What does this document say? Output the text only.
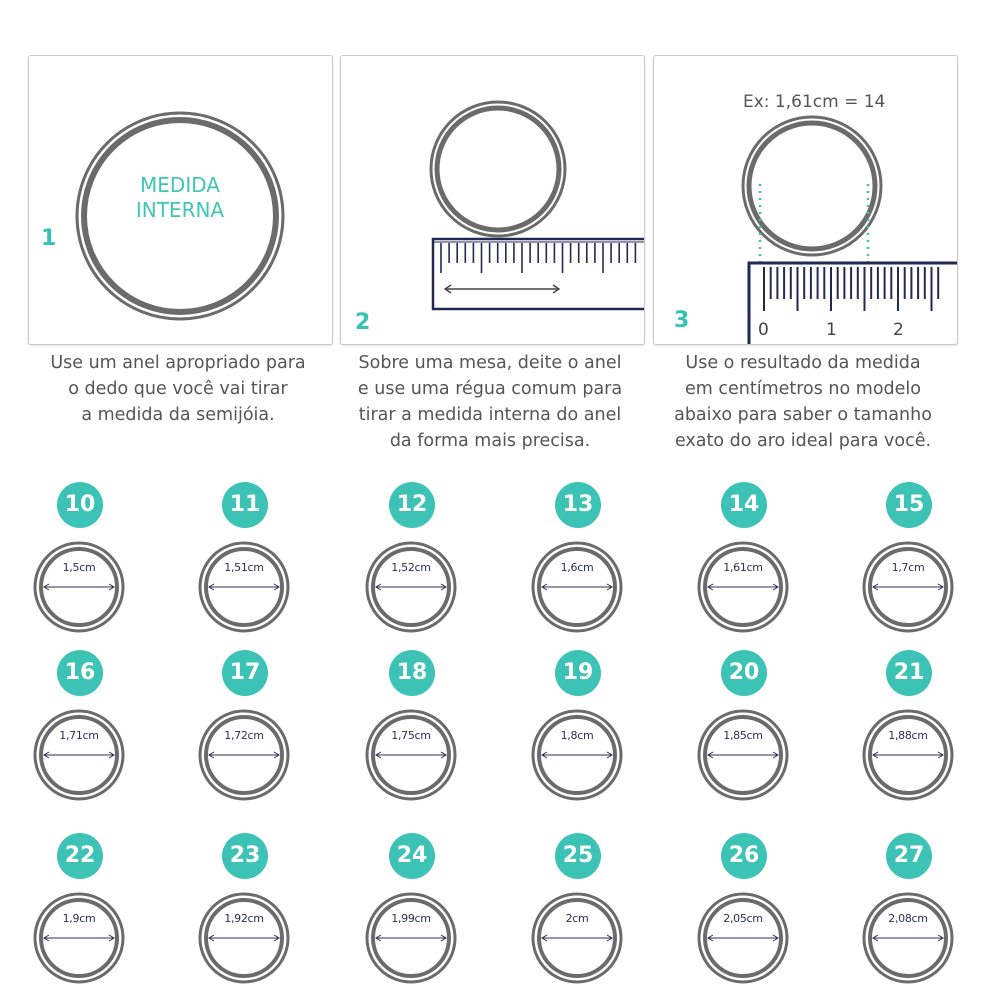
MEDIDA
INTERNA
1
2
Ex: 1,61cm = 14
0	1	2
3
Use um anel apropriado para
o dedo que você vai tirar
a medida da semijóia.
Sobre uma mesa, deite o anel
e use uma régua comum para
tirar a medida interna do anel
da forma mais precisa.
Use o resultado da medida
em centímetros no modelo
abaixo para saber o tamanho
exato do aro ideal para você.
10
1,5cm
11
1,51cm
12
1,52cm
13
1,6cm
14
1,61cm
15
1,7cm
16
1,71cm
17
1,72cm
18
1,75cm
19
1,8cm
20
1,85cm
21
1,88cm
22
1,9cm
23
1,92cm
24
1,99cm
25
2cm
26
2,05cm
27
2,08cm
